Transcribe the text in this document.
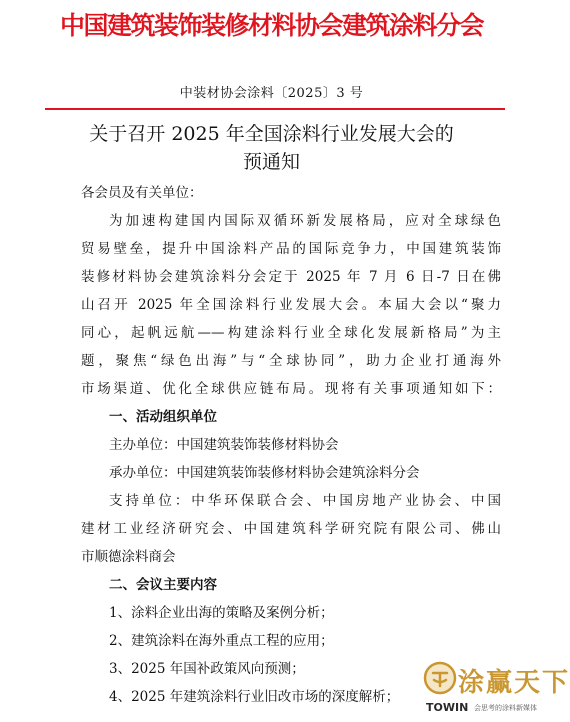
中国建筑装饰装修材料协会建筑涂料分会
中装材协会涂料〔2025〕3 号
关于召开 2025 年全国涂料行业发展大会的
预通知
各会员及有关单位：
为加速构建国内国际双循环新发展格局，应对全球绿色
贸易壁垒，提升中国涂料产品的国际竞争力，中国建筑装饰
装修材料协会建筑涂料分会定于 2025 年 7 月 6 日-7 日在佛
山召开 2025 年全国涂料行业发展大会。本届大会以“聚力
同心，起帆远航——构建涂料行业全球化发展新格局”为主
题，聚焦“绿色出海”与“全球协同”，助力企业打通海外
市场渠道、优化全球供应链布局。现将有关事项通知如下：
一、活动组织单位
主办单位：中国建筑装饰装修材料协会
承办单位：中国建筑装饰装修材料协会建筑涂料分会
支持单位：中华环保联合会、中国房地产业协会、中国
建材工业经济研究会、中国建筑科学研究院有限公司、佛山
市顺德涂料商会
二、会议主要内容
1、涂料企业出海的策略及案例分析；
2、建筑涂料在海外重点工程的应用；
3、2025 年国补政策风向预测；
4、2025 年建筑涂料行业旧改市场的深度解析；	涂赢天下
TOWIN 会思考的涂料新媒体
